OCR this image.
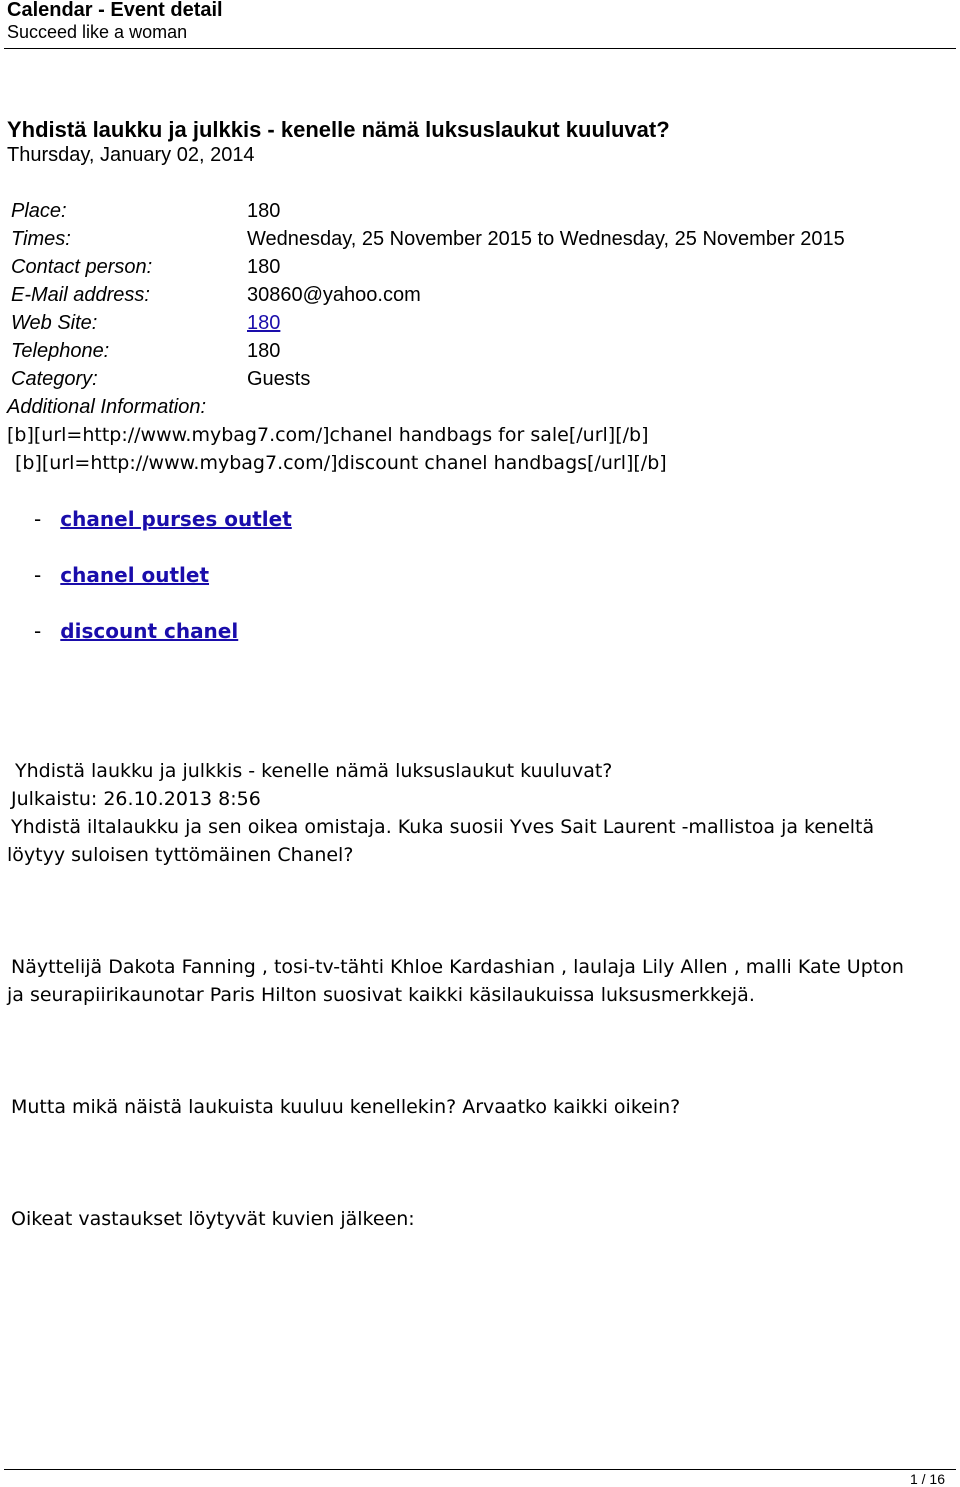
Calendar - Event detail
Succeed like a woman
Yhdistä laukku ja julkkis - kenelle nämä luksuslaukut kuuluvat?
Thursday, January 02, 2014
Place:	180
Times:	Wednesday, 25 November 2015 to Wednesday, 25 November 2015
Contact person:	180
E-Mail address:	30860@yahoo.com
Web Site:	180
Telephone:	180
Category:	Guests
Additional Information:
[b][url=http://www.mybag7.com/]chanel handbags for sale[/url][/b]
[b][url=http://www.mybag7.com/]discount chanel handbags[/url][/b]
- chanel purses outlet
- chanel outlet
- discount chanel
Yhdistä laukku ja julkkis - kenelle nämä luksuslaukut kuuluvat?
Julkaistu: 26.10.2013 8:56
Yhdistä iltalaukku ja sen oikea omistaja. Kuka suosii Yves Sait Laurent -mallistoa ja keneltä
löytyy suloisen tyttömäinen Chanel?
Näyttelijä Dakota Fanning , tosi-tv-tähti Khloe Kardashian , laulaja Lily Allen , malli Kate Upton
ja seurapiirikaunotar Paris Hilton suosivat kaikki käsilaukuissa luksusmerkkejä.
Mutta mikä näistä laukuista kuuluu kenellekin? Arvaatko kaikki oikein?
Oikeat vastaukset löytyvät kuvien jälkeen:
1 / 16
